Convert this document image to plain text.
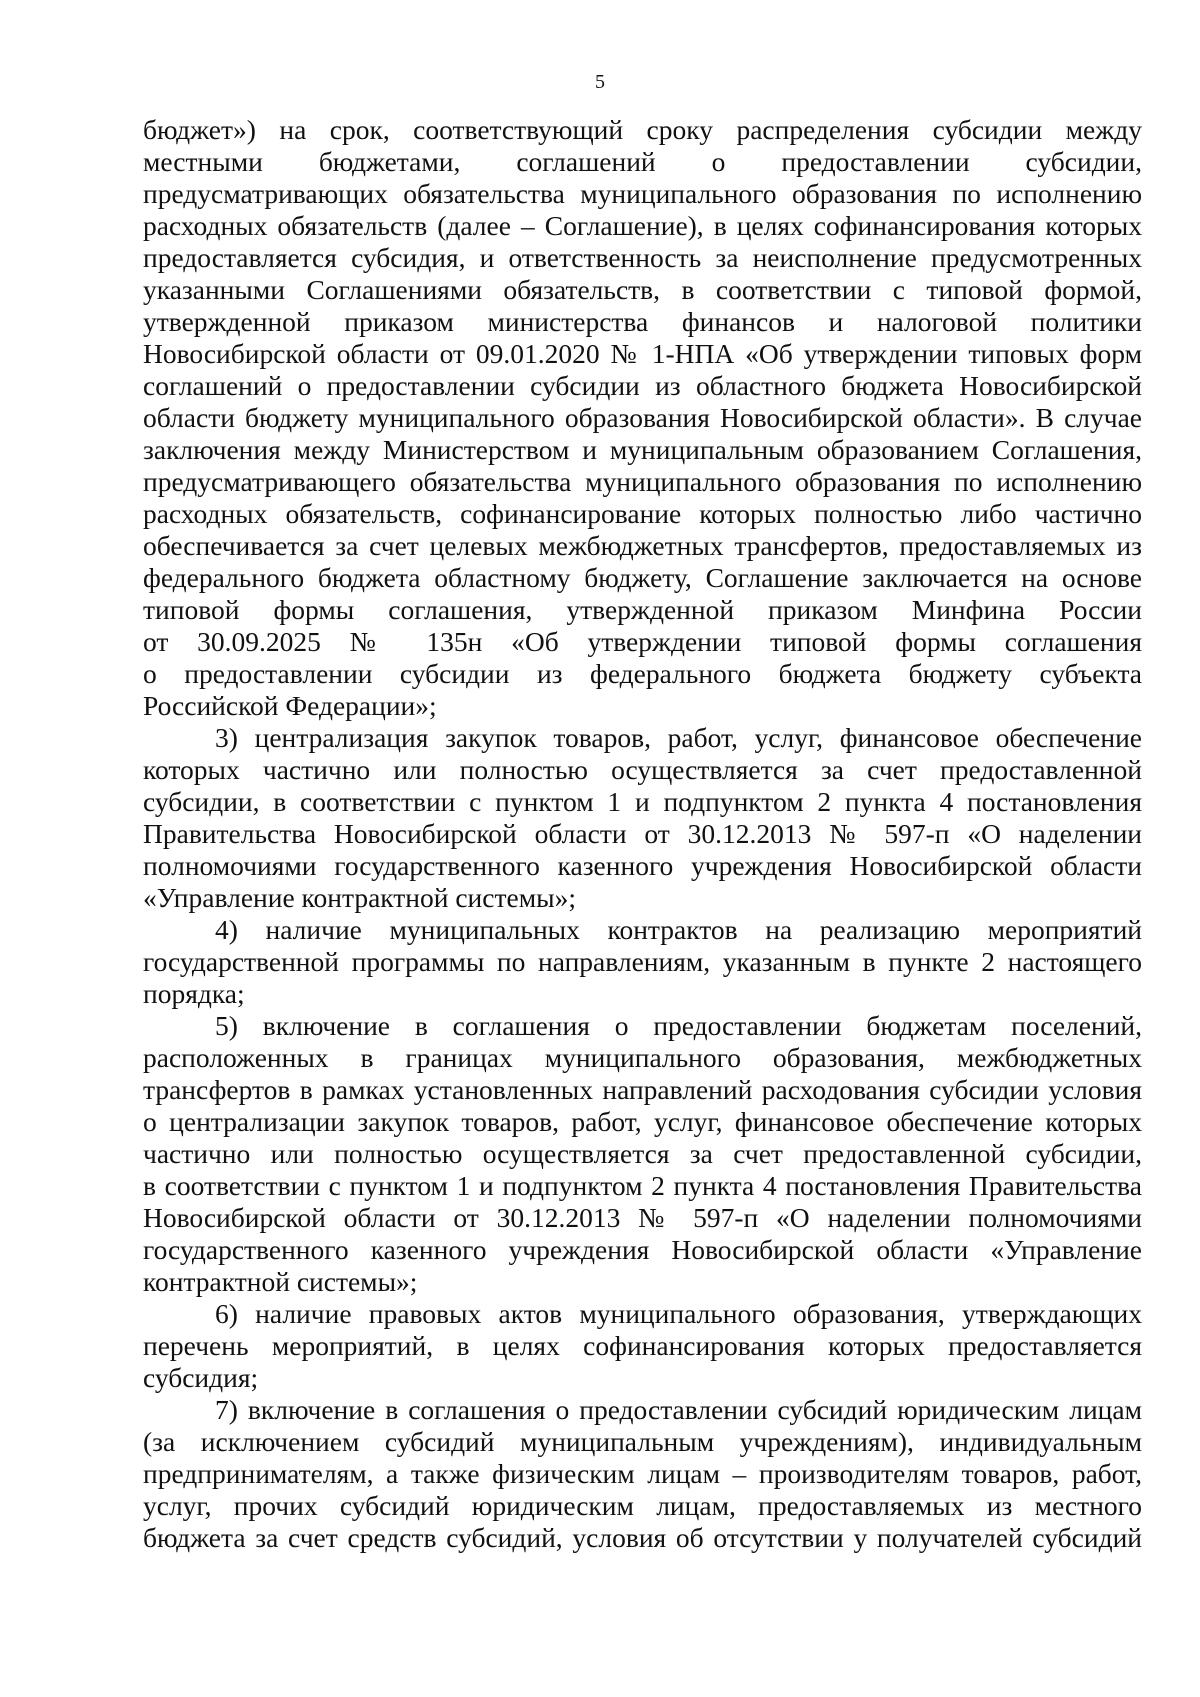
5
бюджет») на срок, соответствующий сроку распределения субсидии между
местными бюджетами, соглашений о предоставлении субсидии,
предусматривающих обязательства муниципального образования по исполнению
расходных обязательств (далее – Соглашение), в целях софинансирования которых
предоставляется субсидия, и ответственность за неисполнение предусмотренных
указанными Соглашениями обязательств, в соответствии с типовой формой,
утвержденной приказом министерства финансов и налоговой политики
Новосибирской области от 09.01.2020 № 1-НПА «Об утверждении типовых форм
соглашений о предоставлении субсидии из областного бюджета Новосибирской
области бюджету муниципального образования Новосибирской области». В случае
заключения между Министерством и муниципальным образованием Соглашения,
предусматривающего обязательства муниципального образования по исполнению
расходных обязательств, софинансирование которых полностью либо частично
обеспечивается за счет целевых межбюджетных трансфертов, предоставляемых из
федерального бюджета областному бюджету, Соглашение заключается на основе
типовой формы соглашения, утвержденной приказом Минфина России
от 30.09.2025 № 135н «Об утверждении типовой формы соглашения
о предоставлении субсидии из федерального бюджета бюджету субъекта
Российской Федерации»;
3) централизация закупок товаров, работ, услуг, финансовое обеспечение
которых частично или полностью осуществляется за счет предоставленной
субсидии, в соответствии с пунктом 1 и подпунктом 2 пункта 4 постановления
Правительства Новосибирской области от 30.12.2013 № 597-п «О наделении
полномочиями государственного казенного учреждения Новосибирской области
«Управление контрактной системы»;
4) наличие муниципальных контрактов на реализацию мероприятий
государственной программы по направлениям, указанным в пункте 2 настоящего
порядка;
5) включение в соглашения о предоставлении бюджетам поселений,
расположенных в границах муниципального образования, межбюджетных
трансфертов в рамках установленных направлений расходования субсидии условия
о централизации закупок товаров, работ, услуг, финансовое обеспечение которых
частично или полностью осуществляется за счет предоставленной субсидии,
в соответствии с пунктом 1 и подпунктом 2 пункта 4 постановления Правительства
Новосибирской области от 30.12.2013 № 597-п «О наделении полномочиями
государственного казенного учреждения Новосибирской области «Управление
контрактной системы»;
6) наличие правовых актов муниципального образования, утверждающих
перечень мероприятий, в целях софинансирования которых предоставляется
субсидия;
7) включение в соглашения о предоставлении субсидий юридическим лицам
(за исключением субсидий муниципальным учреждениям), индивидуальным
предпринимателям, а также физическим лицам – производителям товаров, работ,
услуг, прочих субсидий юридическим лицам, предоставляемых из местного
бюджета за счет средств субсидий, условия об отсутствии у получателей субсидий
